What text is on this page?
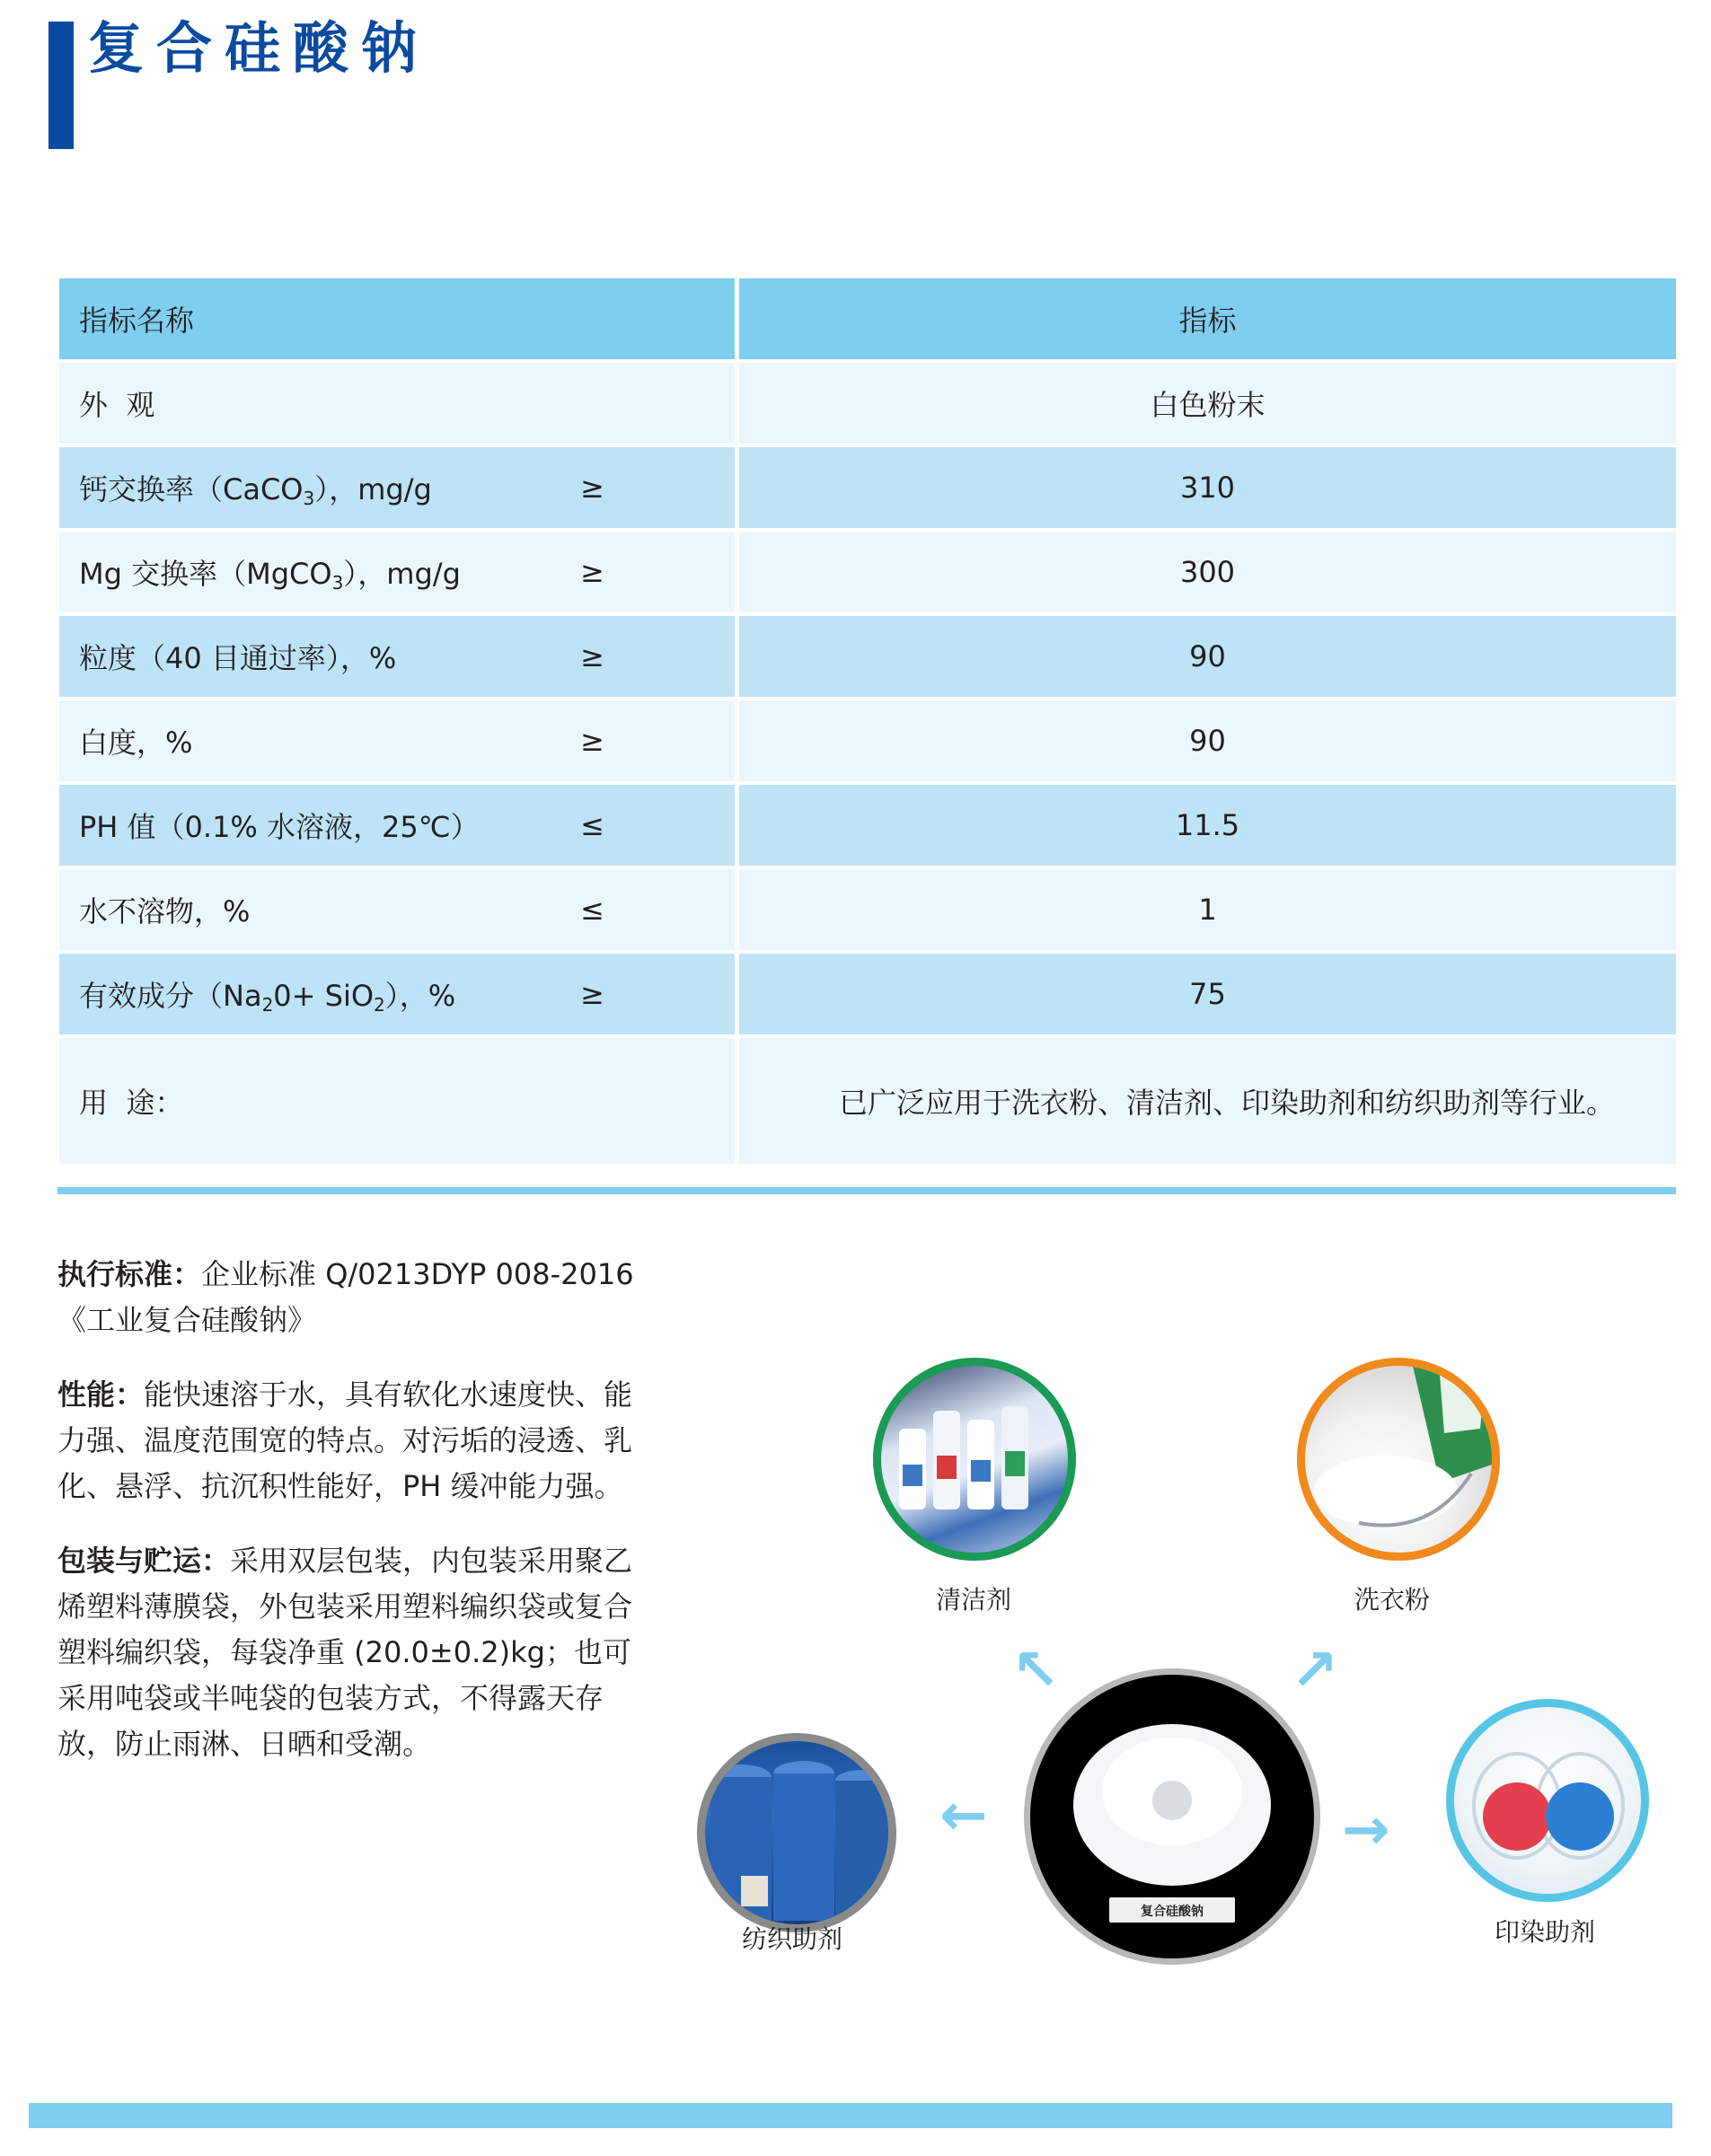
复合硅酸钠
指标名称	指标
外  观	白色粉末
钙交换率（CaCO$_3$），mg/g	≥	310
Mg 交换率（MgCO$_3$），mg/g	≥	300
粒度（40 目通过率），%	≥	90
白度，%	≥	90
PH 值（0.1% 水溶液，25℃）	≤	11.5
水不溶物，%	≤	1
有效成分$(Na_20+ SiO_2)$，%	≥	75
用  途：	已广泛应用于洗衣粉、清洁剂、印染助剂和纺织助剂等行业。
执行标准：企业标准 Q/0213DYP 008-2016《工业复合硅酸钠》
性能：能快速溶于水，具有软化水速度快、能力强、温度范围宽的特点。对污垢的浸透、乳化、悬浮、抗沉积性能好，PH 缓冲能力强。
包装与贮运：采用双层包装，内包装采用聚乙烯塑料薄膜袋，外包装采用塑料编织袋或复合塑料编织袋，每袋净重 (20.0±0.2)kg；也可采用吨袋或半吨袋的包装方式，不得露天存放，防止雨淋、日晒和受潮。
清洁剂	洗衣粉
复合硅酸钠
纺织助剂	印染助剂
↑	↑
←	→
